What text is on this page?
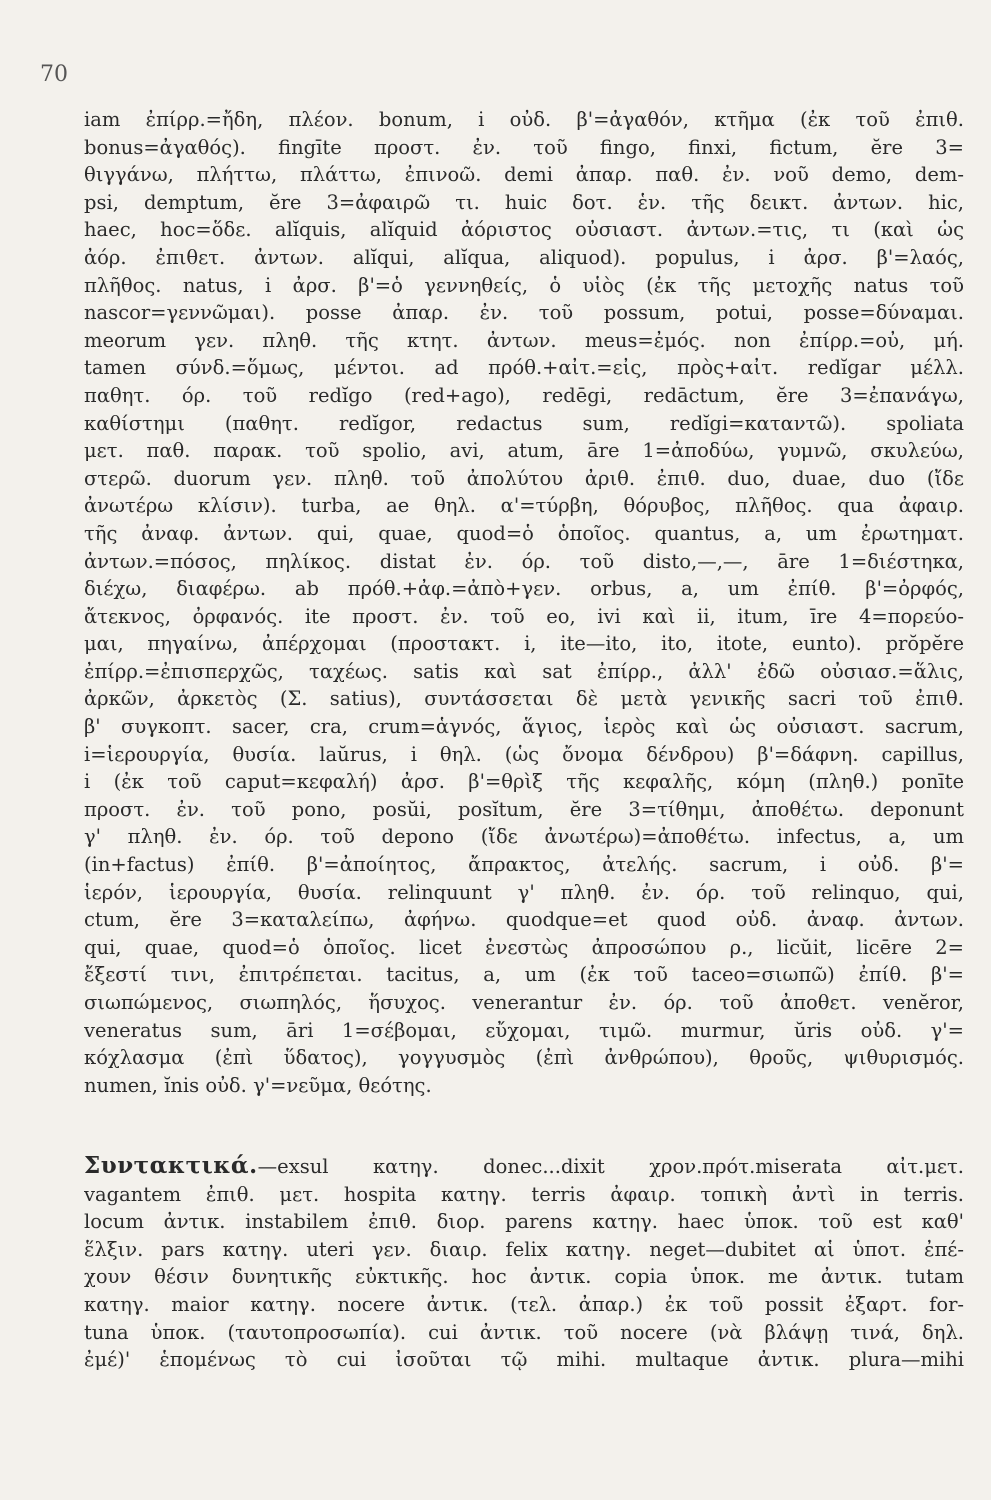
70
iam ἐπίρρ.=ἤδη, πλέον. bonum, i οὐδ. β'=ἀγαθόν, κτῆμα (ἐκ τοῦ ἐπιθ.
bonus=ἀγαθός). fingīte προστ. ἐν. τοῦ fingo, finxi, fictum, ĕre 3=
θιγγάνω, πλήττω, πλάττω, ἐπινοῶ. demi ἀπαρ. παθ. ἐν. νοῦ demo, dem-
psi, demptum, ĕre 3=ἀφαιρῶ τι. huic δοτ. ἑν. τῆς δεικτ. ἀντων. hic,
haec, hoc=ὅδε. alĭquis, alĭquid ἀόριστος οὐσιαστ. ἀντων.=τις, τι (καὶ ὡς
ἀόρ. ἐπιθετ. ἀντων. alĭqui, alĭqua, aliquod). populus, i ἀρσ. β'=λαός,
πλῆθος. natus, i ἀρσ. β'=ὁ γεννηθείς, ὁ υἱὸς (ἐκ τῆς μετοχῆς natus τοῦ
nascor=γεννῶμαι). posse ἀπαρ. ἐν. τοῦ possum, potui, posse=δύναμαι.
meorum γεν. πληθ. τῆς κτητ. ἀντων. meus=ἐμός. non ἐπίρρ.=οὐ, μή.
tamen σύνδ.=ὅμως, μέντοι. ad πρόθ.+αἰτ.=εἰς, πρὸς+αἰτ. redĭgar μέλλ.
παθητ. όρ. τοῦ redĭgo (red+ago), redēgi, redāctum, ĕre 3=ἐπανάγω,
καθίστημι (παθητ. redĭgor, redactus sum, redĭgi=καταντῶ). spoliata
μετ. παθ. παρακ. τοῦ spolio, avi, atum, āre 1=ἀποδύω, γυμνῶ, σκυλεύω,
στερῶ. duorum γεν. πληθ. τοῦ ἀπολύτου ἀριθ. ἐπιθ. duo, duae, duo (ἴδε
ἀνωτέρω κλίσιν). turba, ae θηλ. α'=τύρβη, θόρυβος, πλῆθος. qua ἀφαιρ.
τῆς ἀναφ. ἀντων. qui, quae, quod=ὁ ὁποῖος. quantus, a, um ἐρωτηματ.
ἀντων.=πόσος, πηλίκος. distat ἐν. όρ. τοῦ disto,—,—, āre 1=διέστηκα,
διέχω, διαφέρω. ab πρόθ.+ἀφ.=ἀπὸ+γεν. orbus, a, um ἐπίθ. β'=ὀρφός,
ἄτεκνος, ὀρφανός. ite προστ. ἐν. τοῦ eo, ivi καὶ ii, itum, īre 4=πορεύο-
μαι, πηγαίνω, ἀπέρχομαι (προστακτ. i, ite—ito, ito, itote, eunto). prŏpĕre
ἐπίρρ.=ἐπισπερχῶς, ταχέως. satis καὶ sat ἐπίρρ., ἀλλ' ἐδῶ οὐσιασ.=ἅλις,
ἀρκῶν, ἀρκετὸς (Σ. satius), συντάσσεται δὲ μετὰ γενικῆς sacri τοῦ ἐπιθ.
β' συγκοπτ. sacer, cra, crum=ἁγνός, ἅγιος, ἱερὸς καὶ ὡς οὐσιαστ. sacrum,
i=ἱερουργία, θυσία. laŭrus, i θηλ. (ὡς ὄνομα δένδρου) β'=δάφνη. capillus,
i (ἐκ τοῦ caput=κεφαλή) ἀρσ. β'=θρὶξ τῆς κεφαλῆς, κόμη (πληθ.) ponīte
προστ. ἐν. τοῦ pono, posŭi, posĭtum, ĕre 3=τίθημι, ἀποθέτω. deponunt
γ' πληθ. ἐν. όρ. τοῦ depono (ἴδε ἀνωτέρω)=ἀποθέτω. infectus, a, um
(in+factus) ἐπίθ. β'=ἀποίητος, ἄπρακτος, ἀτελής. sacrum, i οὐδ. β'=
ἱερόν, ἱερουργία, θυσία. relinquunt γ' πληθ. ἐν. όρ. τοῦ relinquo, qui,
ctum, ĕre 3=καταλείπω, ἀφήνω. quodque=et quod οὐδ. ἀναφ. ἀντων.
qui, quae, quod=ὁ ὁποῖος. licet ἐνεστὼς ἀπροσώπου ρ., licŭit, licēre 2=
ἔξεστί τινι, ἐπιτρέπεται. tacitus, a, um (ἐκ τοῦ taceo=σιωπῶ) ἐπίθ. β'=
σιωπώμενος, σιωπηλός, ἥσυχος. venerantur ἐν. όρ. τοῦ ἀποθετ. venĕror,
veneratus sum, āri 1=σέβομαι, εὔχομαι, τιμῶ. murmur, ŭris οὐδ. γ'=
κόχλασμα (ἐπὶ ὕδατος), γογγυσμὸς (ἐπὶ ἀνθρώπου), θροῦς, ψιθυρισμός.
numen, ĭnis οὐδ. γ'=νεῦμα, θεότης.
Συντακτικά.—exsul κατηγ. donec...dixit χρον.πρότ.miserata αἰτ.μετ.
vagantem ἐπιθ. μετ. hospita κατηγ. terris ἀφαιρ. τοπικὴ ἀντὶ in terris.
locum ἀντικ. instabilem ἐπιθ. διορ. parens κατηγ. haec ὑποκ. τοῦ est καθ'
ἕλξιν. pars κατηγ. uteri γεν. διαιρ. felix κατηγ. neget—dubitet αἱ ὑποτ. ἐπέ-
χουν θέσιν δυνητικῆς εὐκτικῆς. hoc ἀντικ. copia ὑποκ. me ἀντικ. tutam
κατηγ. maior κατηγ. nocere ἀντικ. (τελ. ἀπαρ.) ἐκ τοῦ possit ἐξαρτ. for-
tuna ὑποκ. (ταυτοπροσωπία). cui ἀντικ. τοῦ nocere (νὰ βλάψῃ τινά, δηλ.
ἐμέ)' ἑπομένως τὸ cui ἰσοῦται τῷ mihi. multaque ἀντικ. plura—mihi
